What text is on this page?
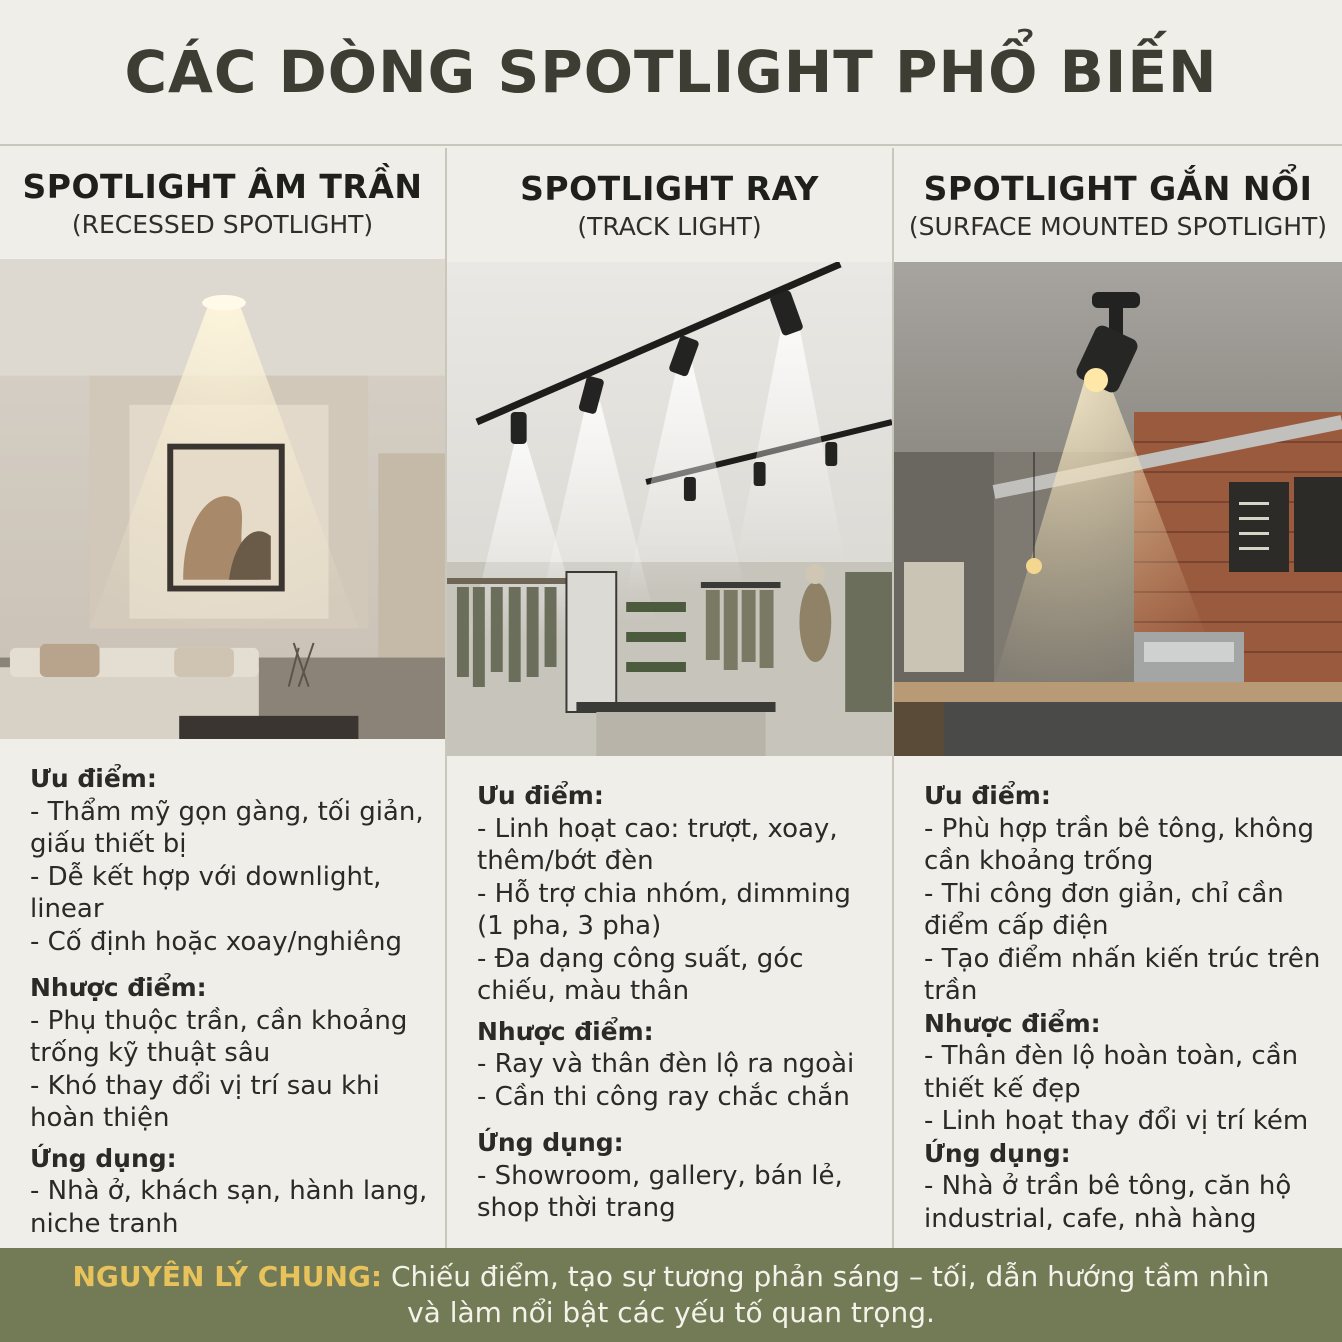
CÁC DÒNG SPOTLIGHT PHỔ BIẾN
SPOTLIGHT ÂM TRẦN
(RECESSED SPOTLIGHT)
Ưu điểm:
- Thẩm mỹ gọn gàng, tối giản, giấu thiết bị
- Dễ kết hợp với downlight, linear
- Cố định hoặc xoay/nghiêng
Nhược điểm:
- Phụ thuộc trần, cần khoảng trống kỹ thuật sâu
- Khó thay đổi vị trí sau khi hoàn thiện
Ứng dụng:
- Nhà ở, khách sạn, hành lang, niche tranh
SPOTLIGHT RAY
(TRACK LIGHT)
Ưu điểm:
- Linh hoạt cao: trượt, xoay, thêm/bớt đèn
- Hỗ trợ chia nhóm, dimming (1 pha, 3 pha)
- Đa dạng công suất, góc chiếu, màu thân
Nhược điểm:
- Ray và thân đèn lộ ra ngoài
- Cần thi công ray chắc chắn
Ứng dụng:
- Showroom, gallery, bán lẻ, shop thời trang
SPOTLIGHT GẮN NỔI
(SURFACE MOUNTED SPOTLIGHT)
Ưu điểm:
- Phù hợp trần bê tông, không cần khoảng trống
- Thi công đơn giản, chỉ cần điểm cấp điện
- Tạo điểm nhấn kiến trúc trên trần
Nhược điểm:
- Thân đèn lộ hoàn toàn, cần thiết kế đẹp
- Linh hoạt thay đổi vị trí kém
Ứng dụng:
- Nhà ở trần bê tông, căn hộ industrial, cafe, nhà hàng
NGUYÊN LÝ CHUNG: Chiếu điểm, tạo sự tương phản sáng – tối, dẫn hướng tầm nhìn và làm nổi bật các yếu tố quan trọng.
